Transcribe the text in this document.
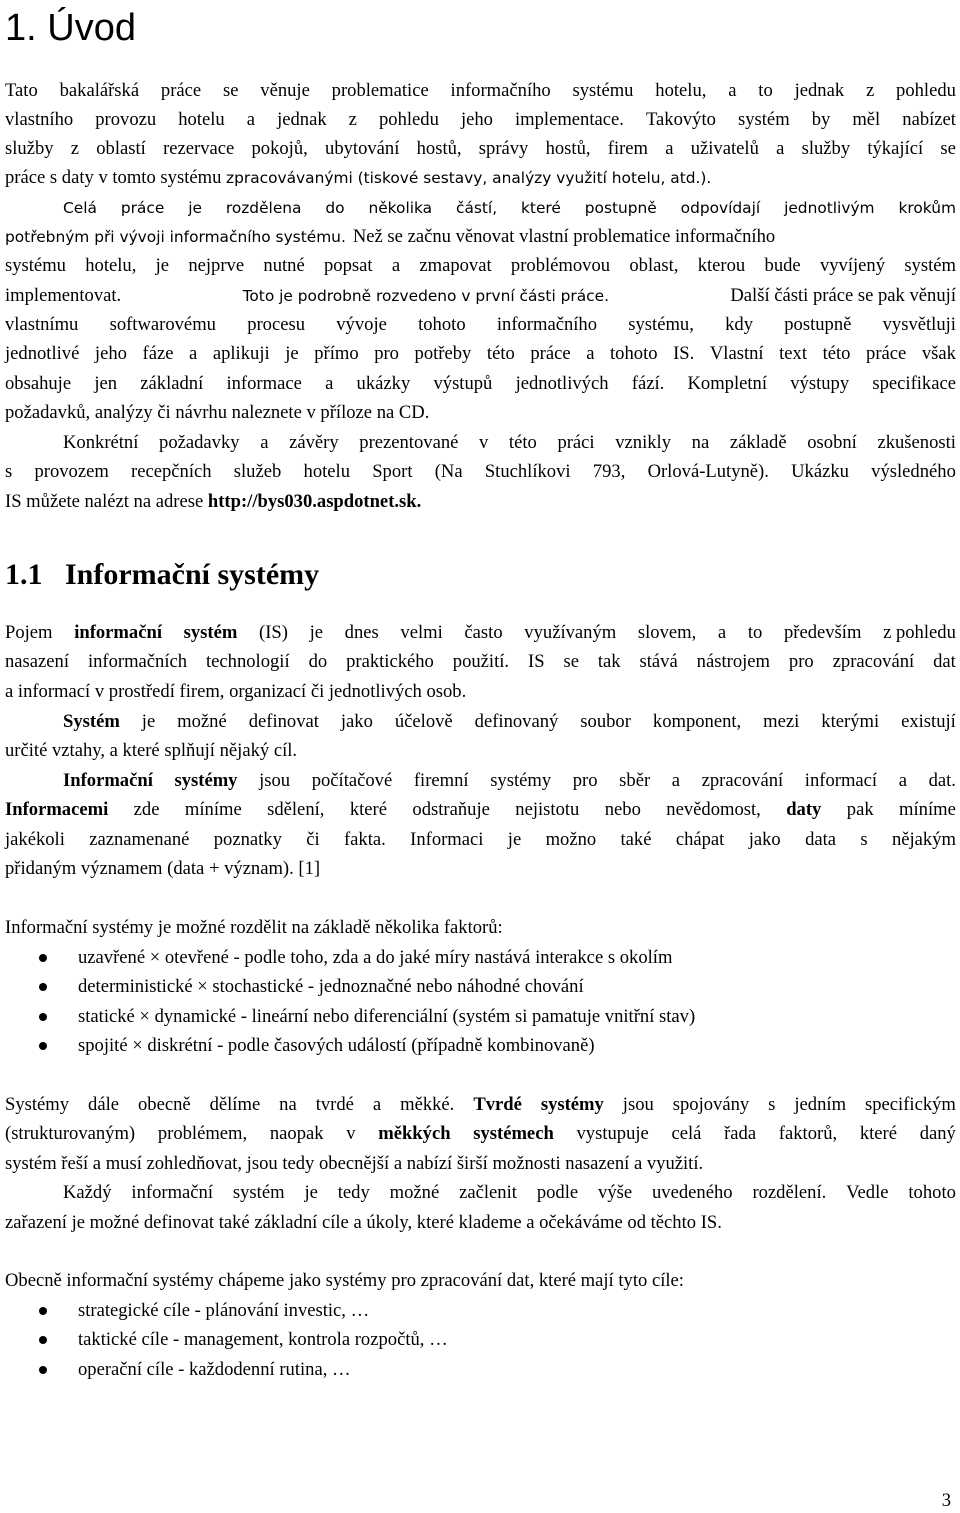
1. Úvod
Tato bakalářská práce se věnuje problematice informačního systému hotelu, a to jednak z pohledu
vlastního provozu hotelu a jednak z pohledu jeho implementace. Takovýto systém by měl nabízet
služby z oblastí rezervace pokojů, ubytování hostů, správy hostů, firem a uživatelů a služby týkající se
práce s daty v tomto systému zpracovávanými (tiskové sestavy, analýzy využití hotelu, atd.).
Celá práce je rozdělena do několika částí, které postupně odpovídají jednotlivým krokům
potřebným při vývoji informačního systému. Než se začnu věnovat vlastní problematice informačního
systému hotelu, je nejprve nutné popsat a zmapovat problémovou oblast, kterou bude vyvíjený systém
implementovat.	Toto je podrobně rozvedeno v první části práce.	Další části práce se pak věnují
vlastnímu softwarovému procesu vývoje tohoto informačního systému, kdy postupně vysvětluji
jednotlivé jeho fáze a aplikuji je přímo pro potřeby této práce a tohoto IS. Vlastní text této práce však
obsahuje jen základní informace a ukázky výstupů jednotlivých fází. Kompletní výstupy specifikace
požadavků, analýzy či návrhu naleznete v příloze na CD.
Konkrétní požadavky a závěry prezentované v této práci vznikly na základě osobní zkušenosti
s provozem recepčních služeb hotelu Sport (Na Stuchlíkovi 793, Orlová-Lutyně). Ukázku výsledného
IS můžete nalézt na adrese http://bys030.aspdotnet.sk .
1.1 Informační systémy
Pojem informační systém (IS) je dnes velmi často využívaným slovem, a to především z pohledu
nasazení informačních technologií do praktického použití. IS se tak stává nástrojem pro zpracování dat
a informací v prostředí firem, organizací či jednotlivých osob.
Systém je možné definovat jako účelově definovaný soubor komponent, mezi kterými existují
určité vztahy, a které splňují nějaký cíl.
Informační systémy jsou počítačové firemní systémy pro sběr a zpracování informací a dat.
Informacemi zde míníme sdělení, které odstraňuje nejistotu nebo nevědomost, daty pak míníme
jakékoli zaznamenané poznatky či fakta. Informaci je možno také chápat jako data s nějakým
přidaným významem (data + význam). [1]
Informační systémy je možné rozdělit na základě několika faktorů:
uzavřené × otevřené - podle toho, zda a do jaké míry nastává interakce s okolím
deterministické × stochastické - jednoznačné nebo náhodné chování
statické × dynamické - lineární nebo diferenciální (systém si pamatuje vnitřní stav)
spojité × diskrétní - podle časových událostí (případně kombinovaně)
Systémy dále obecně dělíme na tvrdé a měkké. Tvrdé systémy jsou spojovány s jedním specifickým
(strukturovaným) problémem, naopak v měkkých systémech vystupuje celá řada faktorů, které daný
systém řeší a musí zohledňovat, jsou tedy obecnější a nabízí širší možnosti nasazení a využití.
Každý informační systém je tedy možné začlenit podle výše uvedeného rozdělení. Vedle tohoto
zařazení je možné definovat také základní cíle a úkoly, které klademe a očekáváme od těchto IS.
Obecně informační systémy chápeme jako systémy pro zpracování dat, které mají tyto cíle:
strategické cíle - plánování investic, …
taktické cíle - management, kontrola rozpočtů, …
operační cíle - každodenní rutina, …
3
